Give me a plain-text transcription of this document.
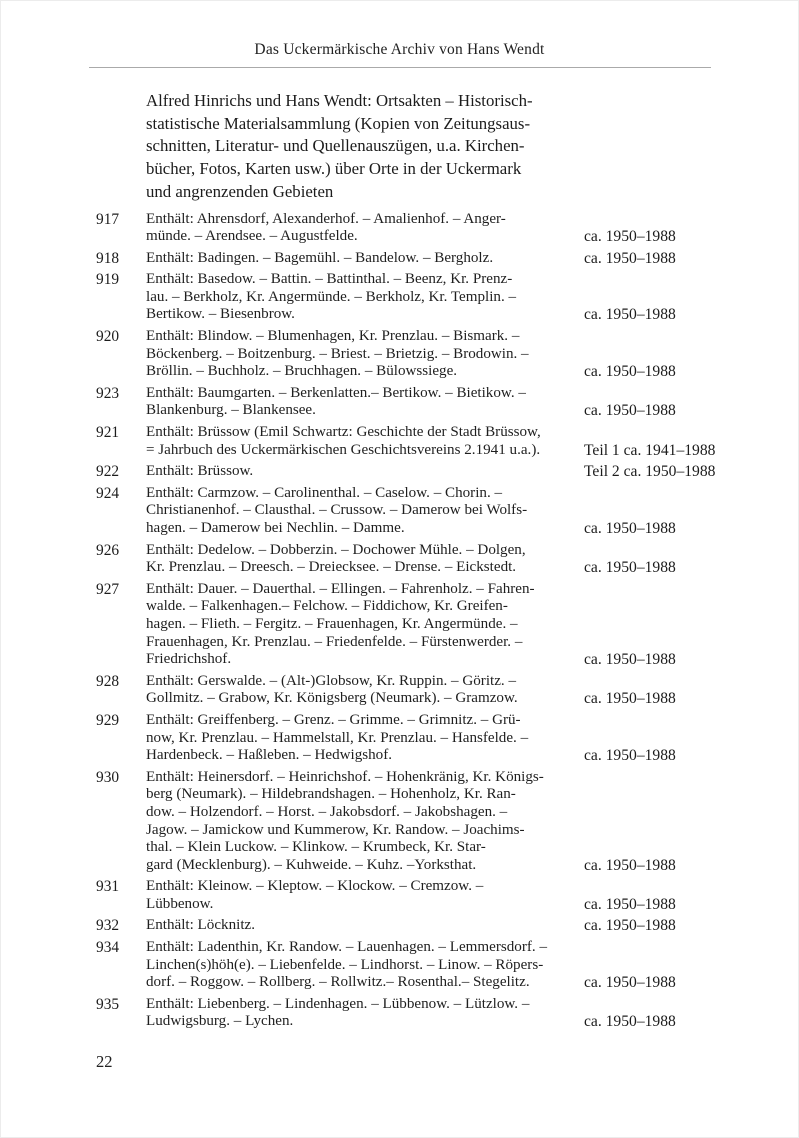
Das Uckermärkische Archiv von Hans Wendt
Alfred Hinrichs und Hans Wendt: Ortsakten – Historisch-
statistische Materialsammlung (Kopien von Zeitungsaus-
schnitten, Literatur- und Quellenauszügen, u.a. Kirchen-
bücher, Fotos, Karten usw.) über Orte in der Uckermark
und angrenzenden Gebieten
917	Enthält: Ahrensdorf, Alexanderhof. – Amalienhof. – Anger-
münde. – Arendsee. – Augustfelde.	ca. 1950–1988
918	Enthält: Badingen. – Bagemühl. – Bandelow. – Bergholz.	ca. 1950–1988
919	Enthält: Basedow. – Battin. – Battinthal. – Beenz, Kr. Prenz-
lau. – Berkholz, Kr. Angermünde. – Berkholz, Kr. Templin. –
Bertikow. – Biesenbrow.	ca. 1950–1988
920	Enthält: Blindow. – Blumenhagen, Kr. Prenzlau. – Bismark. –
Böckenberg. – Boitzenburg. – Briest. – Brietzig. – Brodowin. –
Bröllin. – Buchholz. – Bruchhagen. – Bülowssiege.	ca. 1950–1988
923	Enthält: Baumgarten. – Berkenlatten.– Bertikow. – Bietikow. –
Blankenburg. – Blankensee.	ca. 1950–1988
921	Enthält: Brüssow (Emil Schwartz: Geschichte der Stadt Brüssow,
= Jahrbuch des Uckermärkischen Geschichtsvereins 2.1941 u.a.).	Teil 1 ca. 1941–1988
922	Enthält: Brüssow.	Teil 2 ca. 1950–1988
924	Enthält: Carmzow. – Carolinenthal. – Caselow. – Chorin. –
Christianenhof. – Clausthal. – Crussow. – Damerow bei Wolfs-
hagen. – Damerow bei Nechlin. – Damme.	ca. 1950–1988
926	Enthält: Dedelow. – Dobberzin. – Dochower Mühle. – Dolgen,
Kr. Prenzlau. – Dreesch. – Dreiecksee. – Drense. – Eickstedt.	ca. 1950–1988
927	Enthält: Dauer. – Dauerthal. – Ellingen. – Fahrenholz. – Fahren-
walde. – Falkenhagen.– Felchow. – Fiddichow, Kr. Greifen-
hagen. – Flieth. – Fergitz. – Frauenhagen, Kr. Angermünde. –
Frauenhagen, Kr. Prenzlau. – Friedenfelde. – Fürstenwerder. –
Friedrichshof.	ca. 1950–1988
928	Enthält: Gerswalde. – (Alt-)Globsow, Kr. Ruppin. – Göritz. –
Gollmitz. – Grabow, Kr. Königsberg (Neumark). – Gramzow.	ca. 1950–1988
929	Enthält: Greiffenberg. – Grenz. – Grimme. – Grimnitz. – Grü-
now, Kr. Prenzlau. – Hammelstall, Kr. Prenzlau. – Hansfelde. –
Hardenbeck. – Haßleben. – Hedwigshof.	ca. 1950–1988
930	Enthält: Heinersdorf. – Heinrichshof. – Hohenkränig, Kr. Königs-
berg (Neumark). – Hildebrandshagen. – Hohenholz, Kr. Ran-
dow. – Holzendorf. – Horst. – Jakobsdorf. – Jakobshagen. –
Jagow. – Jamickow und Kummerow, Kr. Randow. – Joachims-
thal. – Klein Luckow. – Klinkow. – Krumbeck, Kr. Star-
gard (Mecklenburg). – Kuhweide. – Kuhz. –Yorksthat.	ca. 1950–1988
931	Enthält: Kleinow. – Kleptow. – Klockow. – Cremzow. –
Lübbenow.	ca. 1950–1988
932	Enthält: Löcknitz.	ca. 1950–1988
934	Enthält: Ladenthin, Kr. Randow. – Lauenhagen. – Lemmersdorf. –
Linchen(s)höh(e). – Liebenfelde. – Lindhorst. – Linow. – Röpers-
dorf. – Roggow. – Rollberg. – Rollwitz.– Rosenthal.– Stegelitz.	ca. 1950–1988
935	Enthält: Liebenberg. – Lindenhagen. – Lübbenow. – Lützlow. –
Ludwigsburg. – Lychen.	ca. 1950–1988
22
